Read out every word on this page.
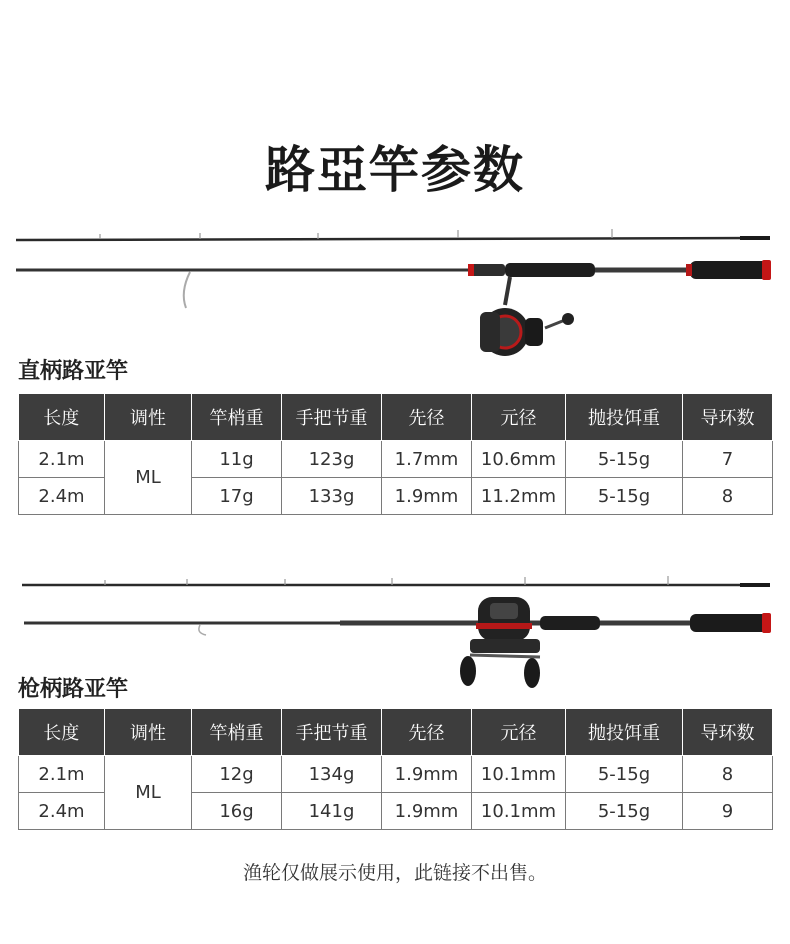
路亞竿参数
直柄路亚竿
长度	调性	竿梢重	手把节重	先径	元径	抛投饵重	导环数
2.1m	ML	11g	123g	1.7mm	10.6mm	5-15g	7
2.4m		17g	133g	1.9mm	11.2mm	5-15g	8
枪柄路亚竿
长度	调性	竿梢重	手把节重	先径	元径	抛投饵重	导环数
2.1m	ML	12g	134g	1.9mm	10.1mm	5-15g	8
2.4m		16g	141g	1.9mm	10.1mm	5-15g	9
渔轮仅做展示使用，此链接不出售。
